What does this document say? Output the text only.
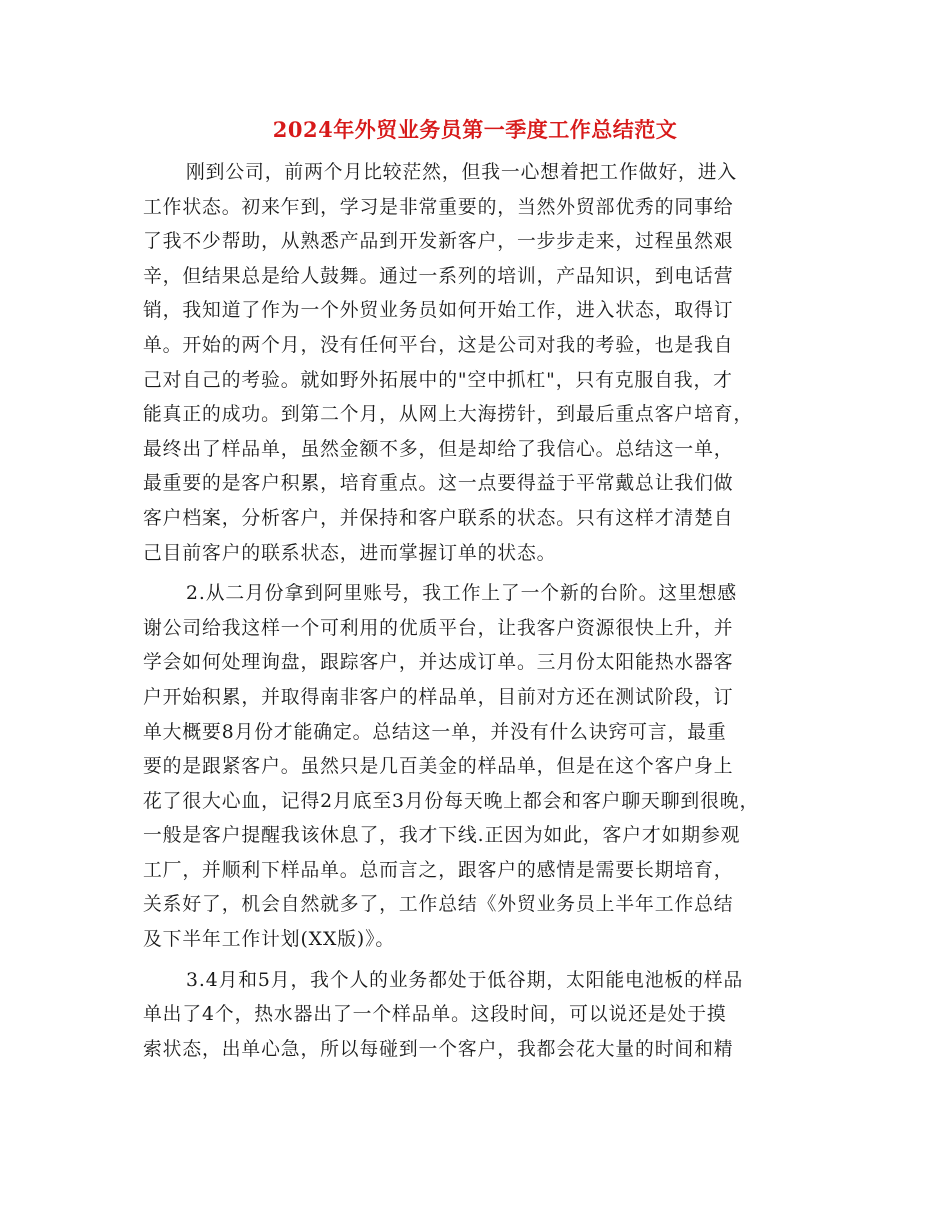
2024年外贸业务员第一季度工作总结范文
刚到公司，前两个月比较茫然，但我一心想着把工作做好，进入
工作状态。初来乍到，学习是非常重要的，当然外贸部优秀的同事给
了我不少帮助，从熟悉产品到开发新客户，一步步走来，过程虽然艰
辛，但结果总是给人鼓舞。通过一系列的培训，产品知识，到电话营
销，我知道了作为一个外贸业务员如何开始工作，进入状态，取得订
单。开始的两个月，没有任何平台，这是公司对我的考验，也是我自
己对自己的考验。就如野外拓展中的"空中抓杠"，只有克服自我，才
能真正的成功。到第二个月，从网上大海捞针，到最后重点客户培育，
最终出了样品单，虽然金额不多，但是却给了我信心。总结这一单，
最重要的是客户积累，培育重点。这一点要得益于平常戴总让我们做
客户档案，分析客户，并保持和客户联系的状态。只有这样才清楚自
己目前客户的联系状态，进而掌握订单的状态。
2.从二月份拿到阿里账号，我工作上了一个新的台阶。这里想感
谢公司给我这样一个可利用的优质平台，让我客户资源很快上升，并
学会如何处理询盘，跟踪客户，并达成订单。三月份太阳能热水器客
户开始积累，并取得南非客户的样品单，目前对方还在测试阶段，订
单大概要8月份才能确定。总结这一单，并没有什么诀窍可言，最重
要的是跟紧客户。虽然只是几百美金的样品单，但是在这个客户身上
花了很大心血，记得2月底至3月份每天晚上都会和客户聊天聊到很晚，
一般是客户提醒我该休息了，我才下线.正因为如此，客户才如期参观
工厂，并顺利下样品单。总而言之，跟客户的感情是需要长期培育，
关系好了，机会自然就多了，工作总结《外贸业务员上半年工作总结
及下半年工作计划(XX版)》。
3.4月和5月，我个人的业务都处于低谷期，太阳能电池板的样品
单出了4个，热水器出了一个样品单。这段时间，可以说还是处于摸
索状态，出单心急，所以每碰到一个客户，我都会花大量的时间和精
